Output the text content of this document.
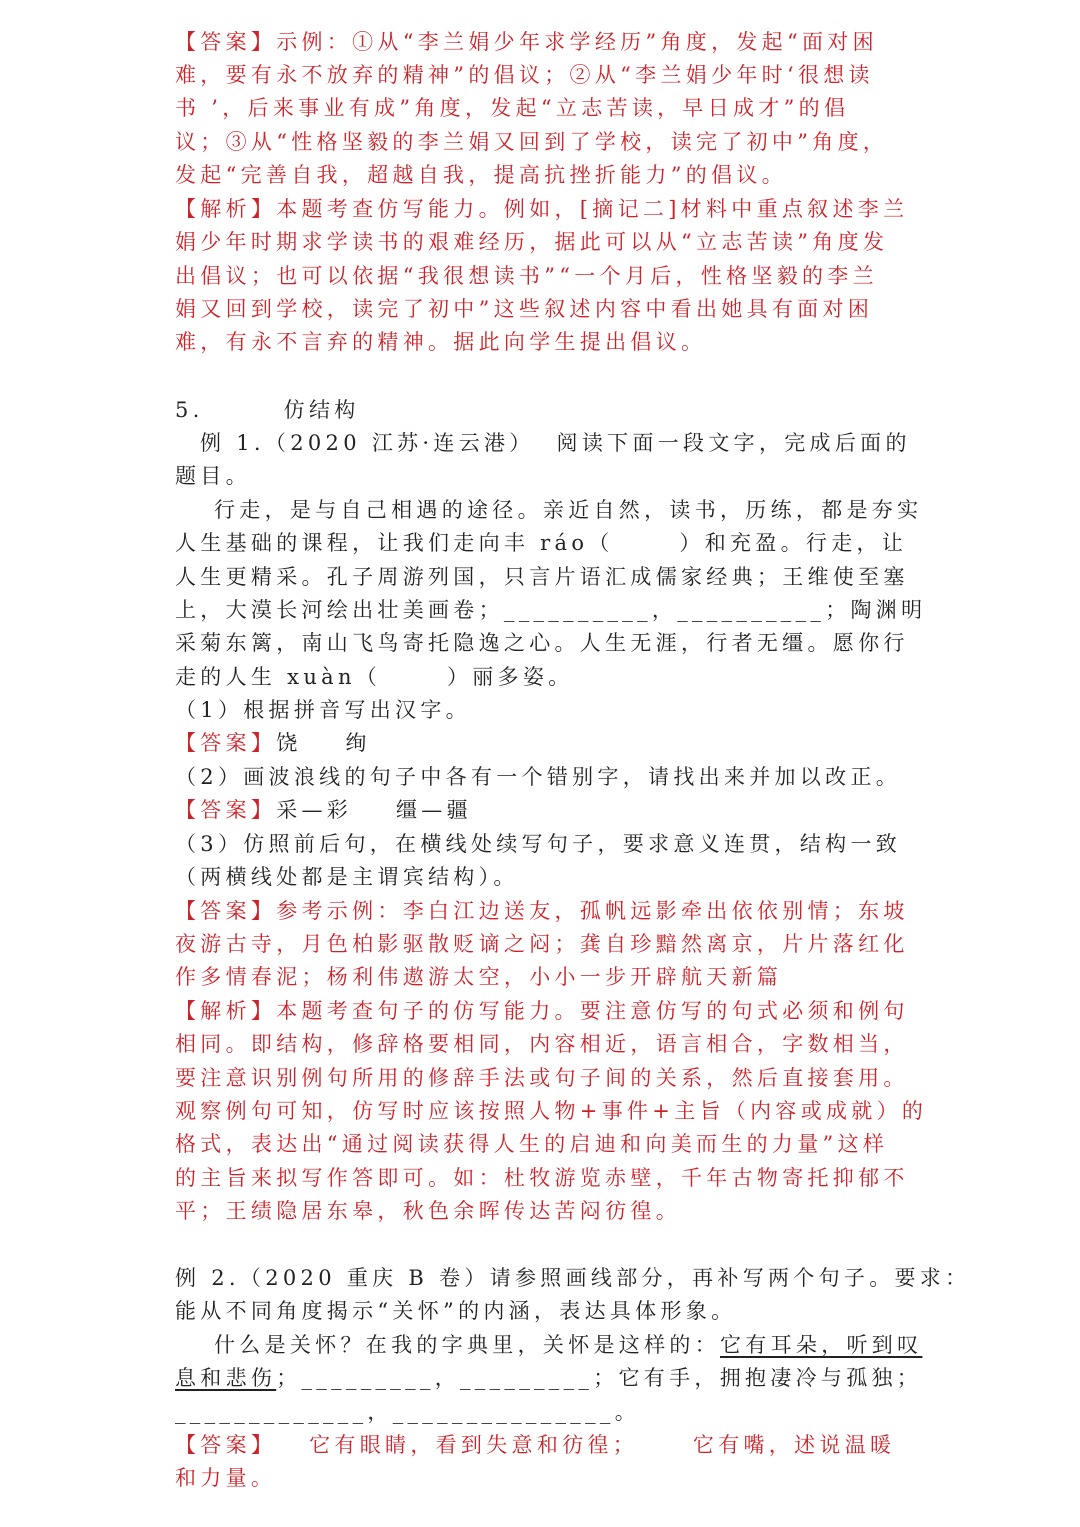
【答案】示例：①从“李兰娟少年求学经历”角度，发起“面对困
难，要有永不放弃的精神”的倡议；②从“李兰娟少年时‘很想读
书 ’，后来事业有成”角度，发起“立志苦读，早日成才”的倡
议；③从“性格坚毅的李兰娟又回到了学校，读完了初中”角度，
发起“完善自我，超越自我，提高抗挫折能力”的倡议。
【解析】本题考查仿写能力。例如，[摘记二]材料中重点叙述李兰
娟少年时期求学读书的艰难经历，据此可以从“立志苦读”角度发
出倡议；也可以依据“我很想读书”“一个月后，性格坚毅的李兰
娟又回到学校，读完了初中”这些叙述内容中看出她具有面对困
难，有永不言弃的精神。据此向学生提出倡议。
5.	仿结构
例 1.（2020 江苏·连云港）  阅读下面一段文字，完成后面的
题目。
行走，是与自己相遇的途径。亲近自然，读书，历练，都是夯实
人生基础的课程，让我们走向丰 ráo（      ）和充盈。行走，让
人生更精采。孔子周游列国，只言片语汇成儒家经典；王维使至塞
上，大漠长河绘出壮美画卷；__________，__________；陶渊明
采菊东篱，南山飞鸟寄托隐逸之心。人生无涯，行者无缰。愿你行
走的人生 xuàn（      ）丽多姿。
（1）根据拼音写出汉字。
【答案】饶    绚
（2）画波浪线的句子中各有一个错别字，请找出来并加以改正。
【答案】采—彩    缰—疆
（3）仿照前后句，在横线处续写句子，要求意义连贯，结构一致
（两横线处都是主谓宾结构）。
【答案】参考示例：李白江边送友，孤帆远影牵出依依别情；东坡
夜游古寺，月色柏影驱散贬谪之闷；龚自珍黯然离京，片片落红化
作多情春泥；杨利伟遨游太空，小小一步开辟航天新篇
【解析】本题考查句子的仿写能力。要注意仿写的句式必须和例句
相同。即结构，修辞格要相同，内容相近，语言相合，字数相当，
要注意识别例句所用的修辞手法或句子间的关系，然后直接套用。
观察例句可知，仿写时应该按照人物+事件+主旨（内容或成就）的
格式，表达出“通过阅读获得人生的启迪和向美而生的力量”这样
的主旨来拟写作答即可。如：杜牧游览赤壁，千年古物寄托抑郁不
平；王绩隐居东皋，秋色余晖传达苦闷彷徨。
例 2.（2020 重庆 B 卷）请参照画线部分，再补写两个句子。要求：
能从不同角度揭示“关怀”的内涵，表达具体形象。
什么是关怀？在我的字典里，关怀是这样的：它有耳朵，听到叹
息和悲伤；_________，_________；它有手，拥抱凄冷与孤独；
_____________，_______________。
【答案】   它有眼睛，看到失意和彷徨；     它有嘴，述说温暖
和力量。
